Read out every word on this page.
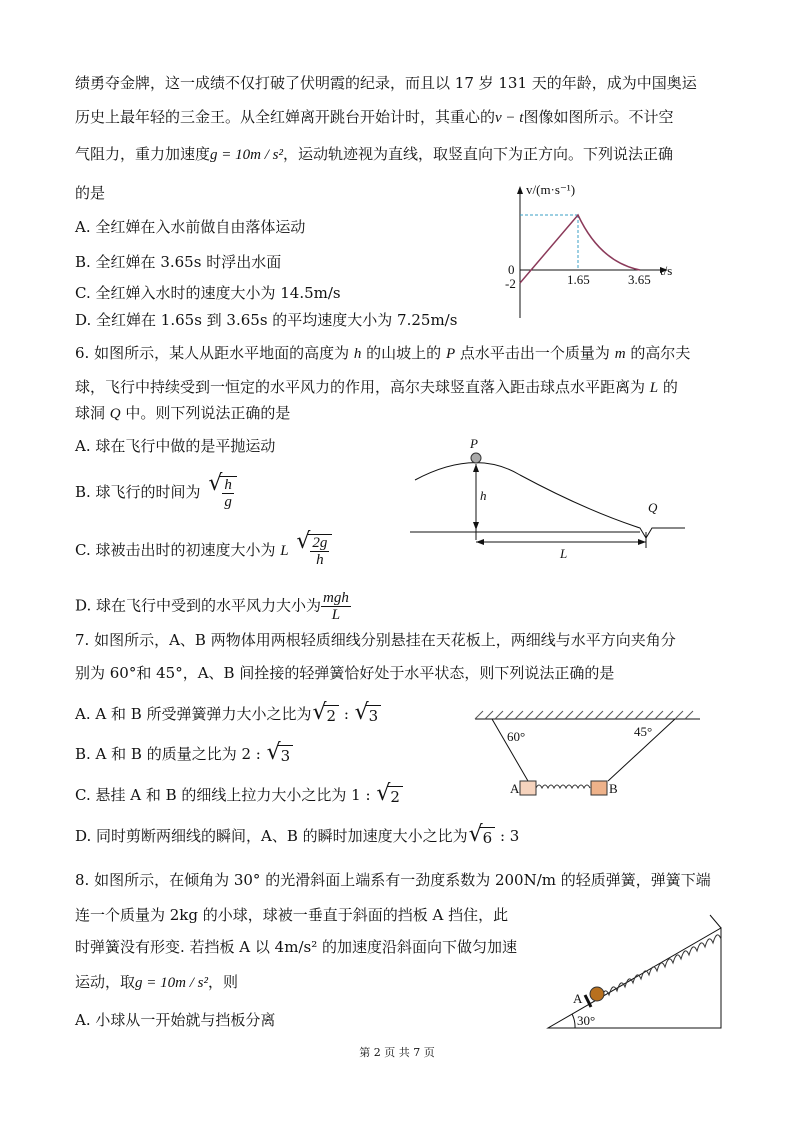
绩勇夺金牌，这一成绩不仅打破了伏明霞的纪录，而且以 17 岁 131 天的年龄，成为中国奥运
历史上最年轻的三金王。从全红婵离开跳台开始计时，其重心的v − t图像如图所示。不计空
气阻力，重力加速度g = 10m / s²，运动轨迹视为直线，取竖直向下为正方向。下列说法正确
的是
A. 全红婵在入水前做自由落体运动
B. 全红婵在 3.65s 时浮出水面
C. 全红婵入水时的速度大小为 14.5m/s
D. 全红婵在 1.65s 到 3.65s 的平均速度大小为 7.25m/s
v/(m·s⁻¹)
t/s
0
-2	1.65	3.65
6. 如图所示，某人从距水平地面的高度为 h 的山坡上的 P 点水平击出一个质量为 m 的高尔夫
球，飞行中持续受到一恒定的水平风力的作用，高尔夫球竖直落入距击球点水平距离为 L 的
球洞 Q 中。则下列说法正确的是
A. 球在飞行中做的是平抛运动
B. 球飞行的时间为 √ $\frac{h}{g}$
C. 球被击出时的初速度大小为 L √ $\frac{2g}{h}$
D. 球在飞行中受到的水平风力大小为 $\frac{\text{mgh}}{L}$
P
h
L
Q
7. 如图所示，A、B 两物体用两根轻质细线分别悬挂在天花板上，两细线与水平方向夹角分
别为 60°和 45°，A、B 间拴接的轻弹簧恰好处于水平状态，则下列说法正确的是
A. A 和 B 所受弹簧弹力大小之比为 √ 2 : √ 3
B. A 和 B 的质量之比为 2 : √ 3
C. 悬挂 A 和 B 的细线上拉力大小之比为 1 : √ 2
D. 同时剪断两细线的瞬间，A、B 的瞬时加速度大小之比为 √ 6 : 3
60°	45°
A	B
8. 如图所示，在倾角为 30° 的光滑斜面上端系有一劲度系数为 200N/m 的轻质弹簧，弹簧下端
连一个质量为 2kg 的小球，球被一垂直于斜面的挡板 A 挡住，此
时弹簧没有形变. 若挡板 A 以 4m/s² 的加速度沿斜面向下做匀加速
运动，取g = 10m / s²，则
A. 小球从一开始就与挡板分离
A
30°
第 2 页 共 7 页
